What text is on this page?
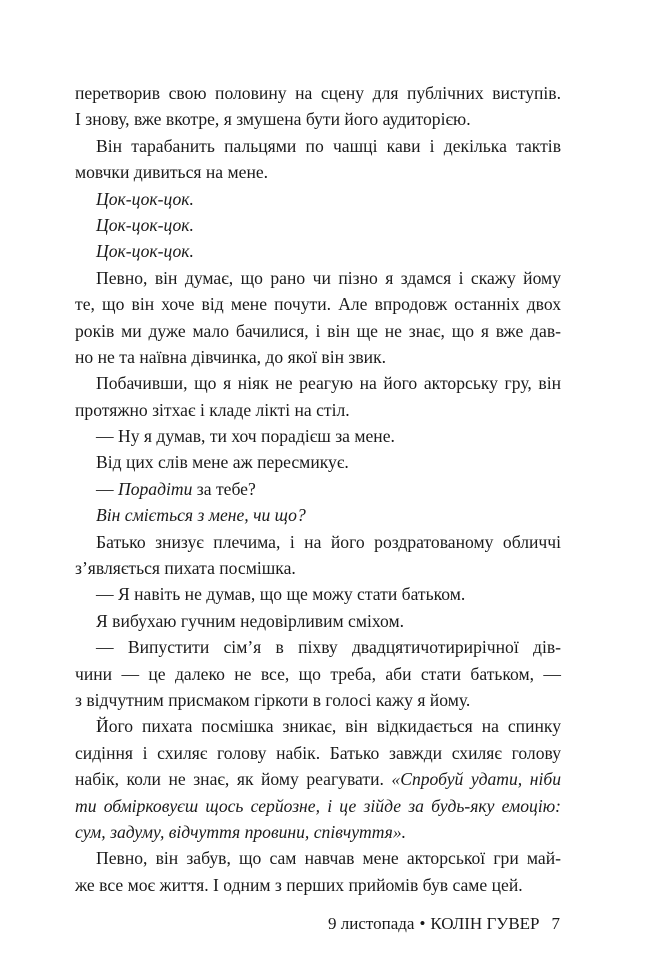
перетворив свою половину на сцену для публічних виступів.
І знову, вже вкотре, я змушена бути його аудиторією.
Він тарабанить пальцями по чашці кави і декілька тактів
мовчки дивиться на мене.
Цок-цок-цок.
Цок-цок-цок.
Цок-цок-цок.
Певно, він думає, що рано чи пізно я здамся і скажу йому
те, що він хоче від мене почути. Але впродовж останніх двох
років ми дуже мало бачилися, і він ще не знає, що я вже дав-
но не та наївна дівчинка, до якої він звик.
Побачивши, що я ніяк не реагую на його акторську гру, він
протяжно зітхає і кладе лікті на стіл.
— Ну я думав, ти хоч порадієш за мене.
Від цих слів мене аж пересмикує.
— Порадіти за тебе?
Він сміється з мене, чи що?
Батько знизує плечима, і на його роздратованому обличчі
з’являється пихата посмішка.
— Я навіть не думав, що ще можу стати батьком.
Я вибухаю гучним недовірливим сміхом.
— Випустити сім’я в піхву двадцятичотирирічної дів-
чини — це далеко не все, що треба, аби стати батьком, —
з відчутним присмаком гіркоти в голосі кажу я йому.
Його пихата посмішка зникає, він відкидається на спинку
сидіння і схиляє голову набік. Батько завжди схиляє голову
набік, коли не знає, як йому реагувати. «Спробуй удати, ніби
ти обмірковуєш щось серйозне, і це зійде за будь-яку емоцію:
сум, задуму, відчуття провини, співчуття».
Певно, він забув, що сам навчав мене акторської гри май-
же все моє життя. І одним з перших прийомів був саме цей.
9 листопада • КОЛІН ГУВЕР 7
